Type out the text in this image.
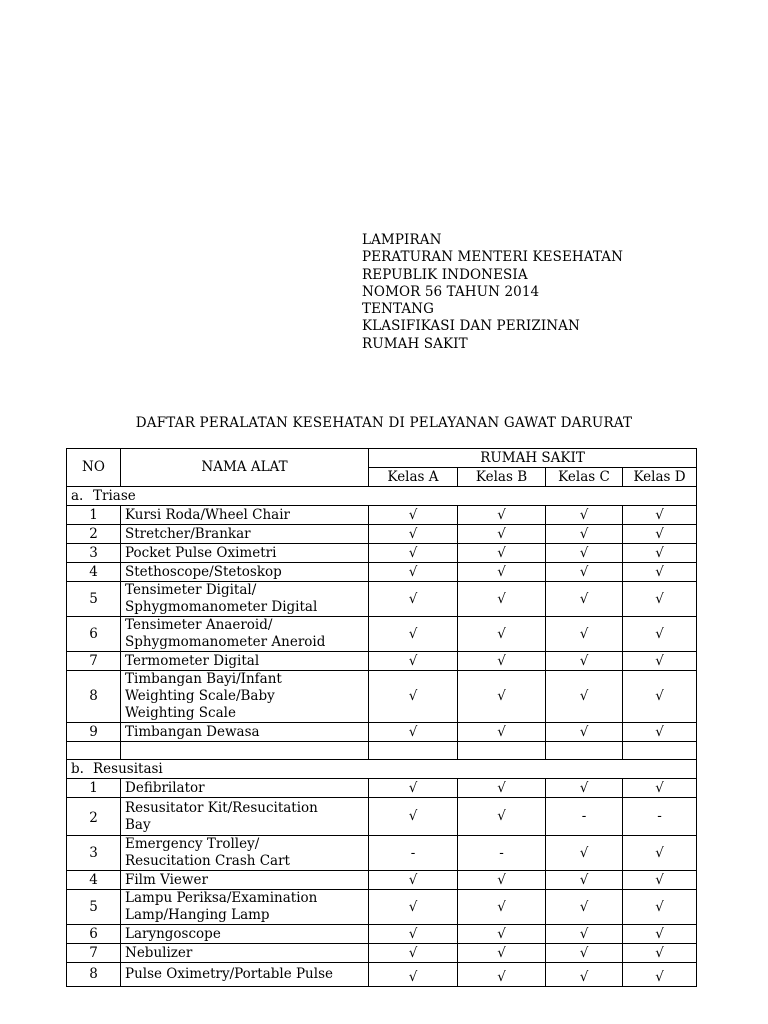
LAMPIRAN
PERATURAN MENTERI KESEHATAN
REPUBLIK INDONESIA
NOMOR 56 TAHUN 2014
TENTANG
KLASIFIKASI DAN PERIZINAN
RUMAH SAKIT
DAFTAR PERALATAN KESEHATAN DI PELAYANAN GAWAT DARURAT
NO	NAMA ALAT	RUMAH SAKIT			
		Kelas A	Kelas B	Kelas C	Kelas D
a. Triase					
1	Kursi Roda/Wheel Chair	√	√	√	√
2	Stretcher/Brankar	√	√	√	√
3	Pocket Pulse Oximetri	√	√	√	√
4	Stethoscope/Stetoskop	√	√	√	√
5	Tensimeter Digital/
Sphygmomanometer Digital	√	√	√	√
6	Tensimeter Anaeroid/
Sphygmomanometer Aneroid	√	√	√	√
7	Termometer Digital	√	√	√	√
8	Timbangan Bayi/Infant
Weighting Scale/Baby
Weighting Scale	√	√	√	√
9	Timbangan Dewasa	√	√	√	√

b. Resusitasi					
1	Defibrilator	√	√	√	√
2	Resusitator Kit/Resucitation
Bay	√	√	-	-
3	Emergency Trolley/
Resucitation Crash Cart	-	-	√	√
4	Film Viewer	√	√	√	√
5	Lampu Periksa/Examination
Lamp/Hanging Lamp	√	√	√	√
6	Laryngoscope	√	√	√	√
7	Nebulizer	√	√	√	√
8	Pulse Oximetry/Portable Pulse	√	√	√	√
